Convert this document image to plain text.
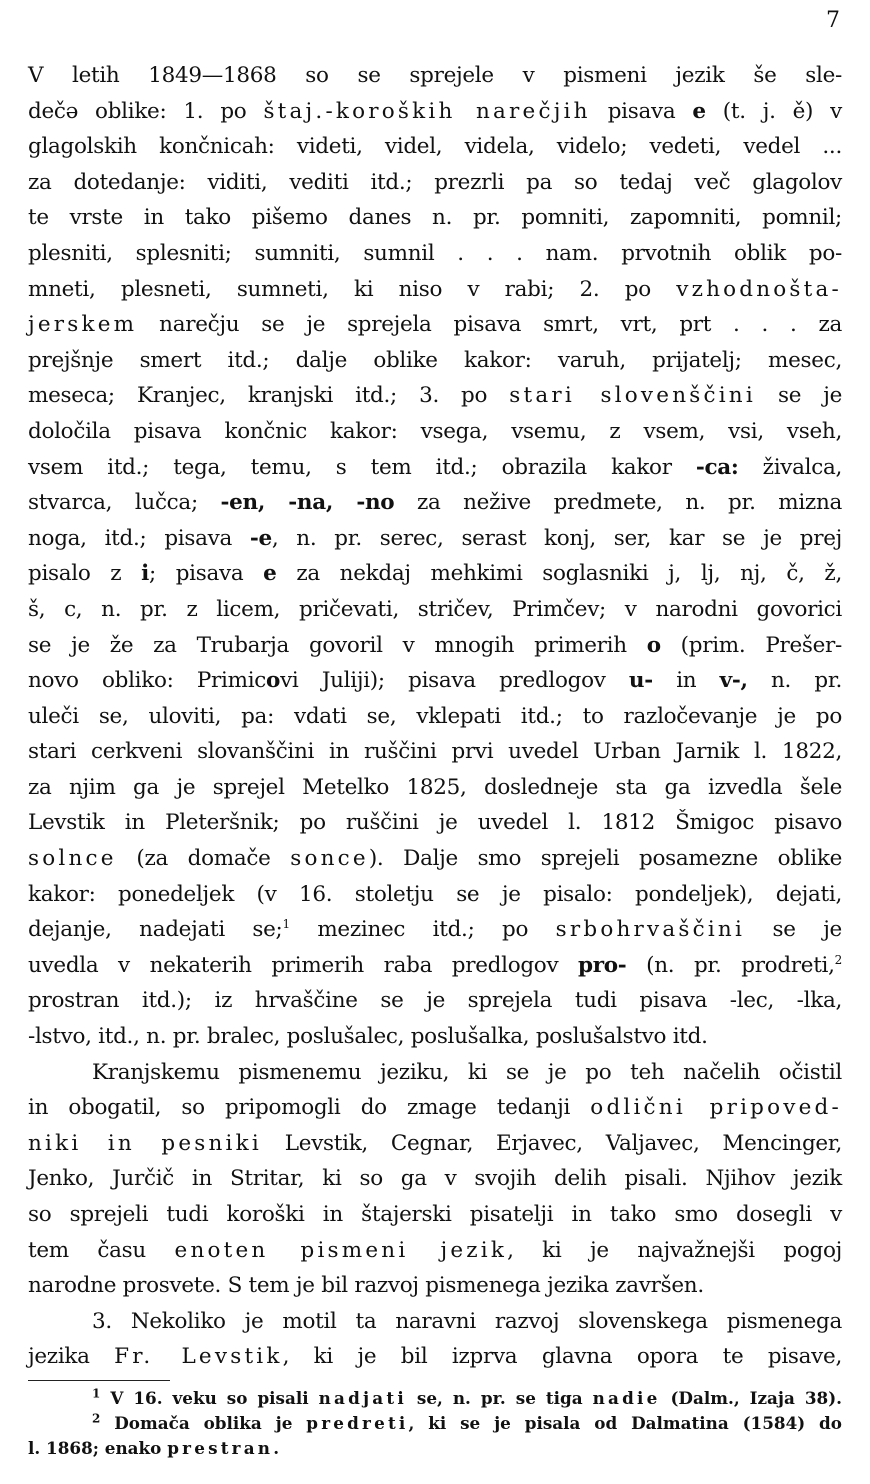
7
V letih 1849—1868 so se sprejele v pismeni jezik še sle-
dečə oblike: 1. po štaj.-koroških narečjih pisava e (t. j. ě) v
glagolskih končnicah: videti, videl, videla, videlo; vedeti, vedel ...
za dotedanje: viditi, vediti itd.; prezrli pa so tedaj več glagolov
te vrste in tako pišemo danes n. pr. pomniti, zapomniti, pomnil;
plesniti, splesniti; sumniti, sumnil . . . nam. prvotnih oblik po-
mneti, plesneti, sumneti, ki niso v rabi; 2. po vzhodnošta-
jerskem narečju se je sprejela pisava smrt, vrt, prt . . . za
prejšnje smert itd.; dalje oblike kakor: varuh, prijatelj; mesec,
meseca; Kranjec, kranjski itd.; 3. po stari slovenščini se je
določila pisava končnic kakor: vsega, vsemu, z vsem, vsi, vseh,
vsem itd.; tega, temu, s tem itd.; obrazila kakor -ca: živalca,
stvarca, lučca; -en, -na, -no za nežive predmete, n. pr. mizna
noga, itd.; pisava -e, n. pr. serec, serast konj, ser, kar se je prej
pisalo z i; pisava e za nekdaj mehkimi soglasniki j, lj, nj, č, ž,
š, c, n. pr. z licem, pričevati, stričev, Primčev; v narodni govorici
se je že za Trubarja govoril v mnogih primerih o (prim. Prešer-
novo obliko: Primicovi Juliji); pisava predlogov u- in v-, n. pr.
uleči se, uloviti, pa: vdati se, vklepati itd.; to razločevanje je po
stari cerkveni slovanščini in ruščini prvi uvedel Urban Jarnik l. 1822,
za njim ga je sprejel Metelko 1825, dosledneje sta ga izvedla šele
Levstik in Pleteršnik; po ruščini je uvedel l. 1812 Šmigoc pisavo
solnce (za domače sonce). Dalje smo sprejeli posamezne oblike
kakor: ponedeljek (v 16. stoletju se je pisalo: pondeljek), dejati,
dejanje, nadejati se;$^1$ mezinec itd.; po srbohrvaščini se je
uvedla v nekaterih primerih raba predlogov pro- (n. pr. prodreti,$^2$
prostran itd.); iz hrvaščine se je sprejela tudi pisava -lec, -lka,
-lstvo, itd., n. pr. bralec, poslušalec, poslušalka, poslušalstvo itd.
Kranjskemu pismenemu jeziku, ki se je po teh načelih očistil
in obogatil, so pripomogli do zmage tedanji odlični pripoved-
niki in pesniki Levstik, Cegnar, Erjavec, Valjavec, Mencinger,
Jenko, Jurčič in Stritar, ki so ga v svojih delih pisali. Njihov jezik
so sprejeli tudi koroški in štajerski pisatelji in tako smo dosegli v
tem času enoten pismeni jezik, ki je najvažnejši pogoj
narodne prosvete. S tem je bil razvoj pismenega jezika završen.
3. Nekoliko je motil ta naravni razvoj slovenskega pismenega
jezika Fr. Levstik, ki je bil izprva glavna opora te pisave,
$^1$ V 16. veku so pisali nadjati se, n. pr. se tiga nadie (Dalm., Izaja 38).
$^2$ Domača oblika je predreti, ki se je pisala od Dalmatina (1584) do
l. 1868; enako prestran.
